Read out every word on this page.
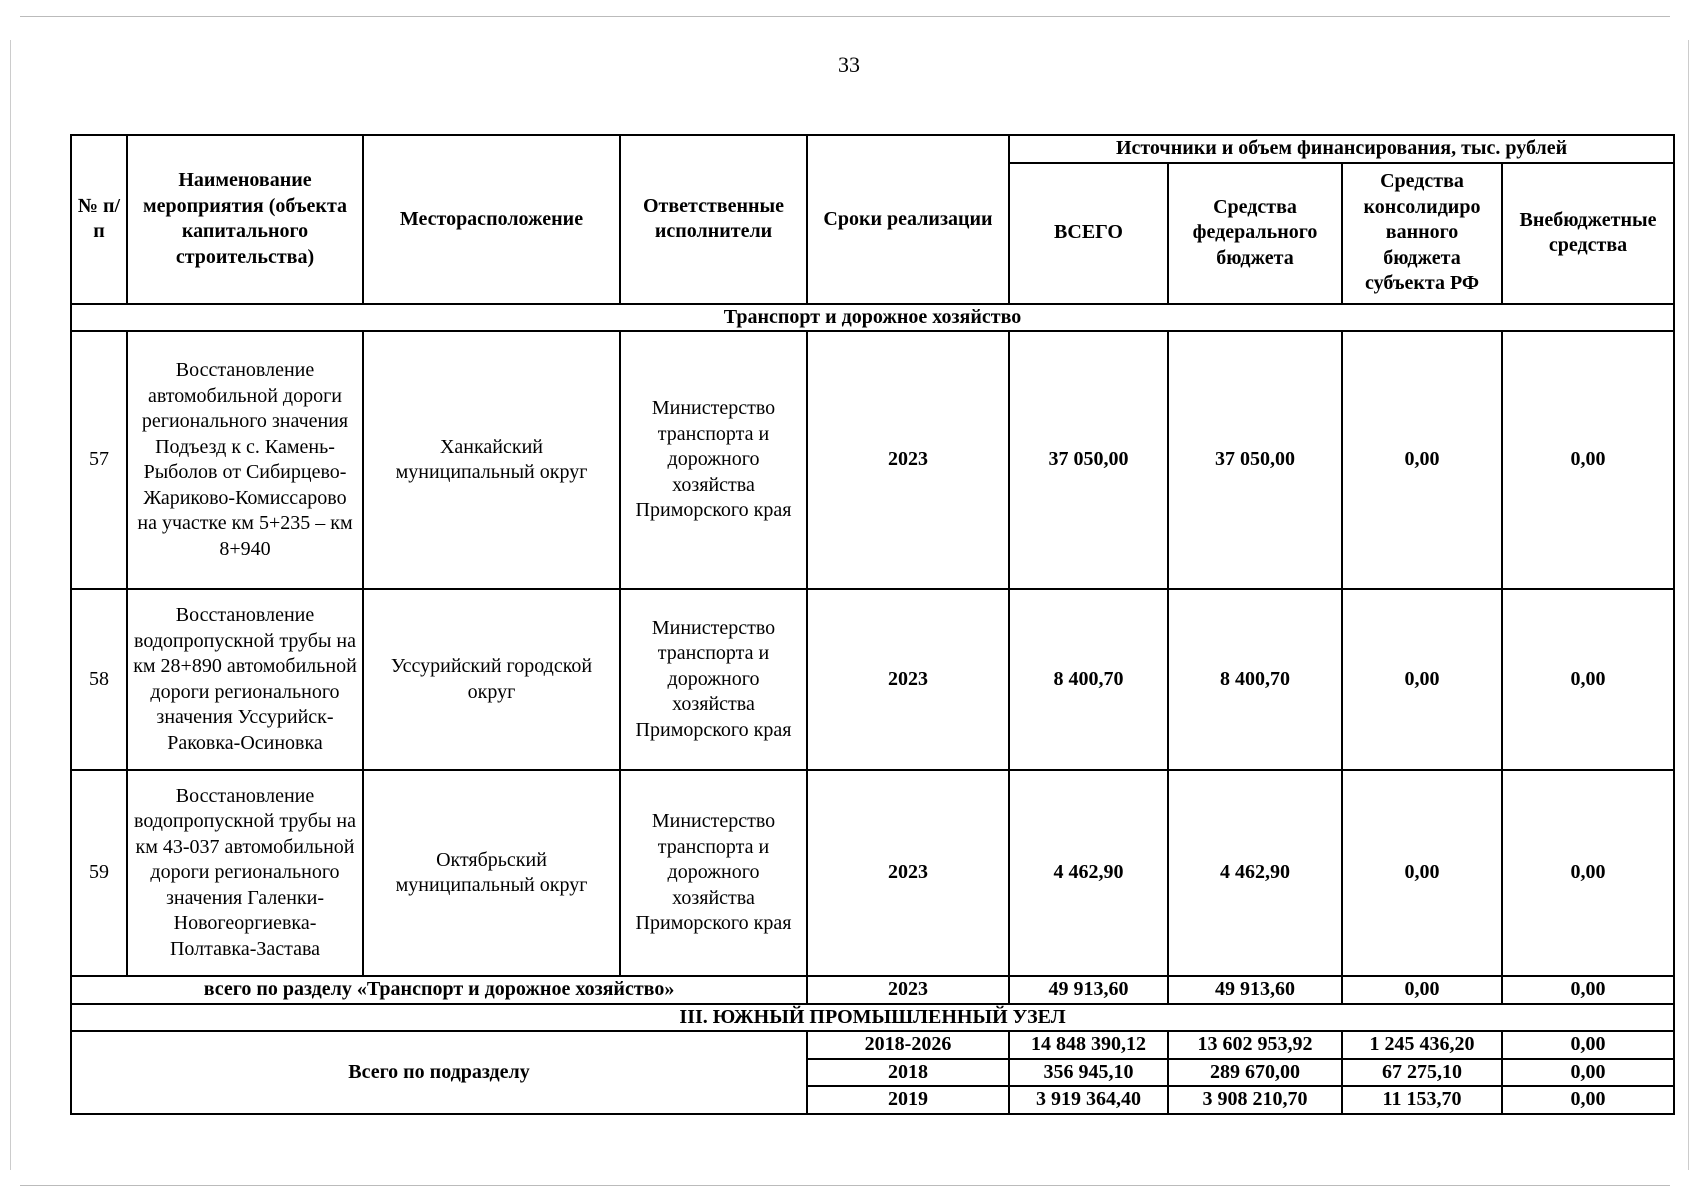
33
№ п/п	Наименование мероприятия (объекта капитального строительства)	Месторасположение	Ответственные исполнители	Сроки реализации	Источники и объем финансирования, тыс. рублей			
					ВСЕГО	Средства федерального бюджета	Средства консолидиро ванного бюджета субъекта РФ	Внебюджетные средства
Транспорт и дорожное хозяйство								
57	Восстановление автомобильной дороги регионального значения Подъезд к с. Камень-Рыболов от Сибирцево-Жариково-Комиссарово на участке км 5+235 – км 8+940	Ханкайский муниципальный округ	Министерство транспорта и дорожного хозяйства Приморского края	2023	37 050,00	37 050,00	0,00	0,00
58	Восстановление водопропускной трубы на км 28+890 автомобильной дороги регионального значения Уссурийск-Раковка-Осиновка	Уссурийский городской округ	Министерство транспорта и дорожного хозяйства Приморского края	2023	8 400,70	8 400,70	0,00	0,00
59	Восстановление водопропускной трубы на км 43-037 автомобильной дороги регионального значения Галенки-Новогеоргиевка-Полтавка-Застава	Октябрьский муниципальный округ	Министерство транспорта и дорожного хозяйства Приморского края	2023	4 462,90	4 462,90	0,00	0,00
всего по разделу «Транспорт и дорожное хозяйство»				2023	49 913,60	49 913,60	0,00	0,00
III. ЮЖНЫЙ ПРОМЫШЛЕННЫЙ УЗЕЛ								
Всего по подразделу				2018-2026	14 848 390,12	13 602 953,92	1 245 436,20	0,00
				2018	356 945,10	289 670,00	67 275,10	0,00
				2019	3 919 364,40	3 908 210,70	11 153,70	0,00
